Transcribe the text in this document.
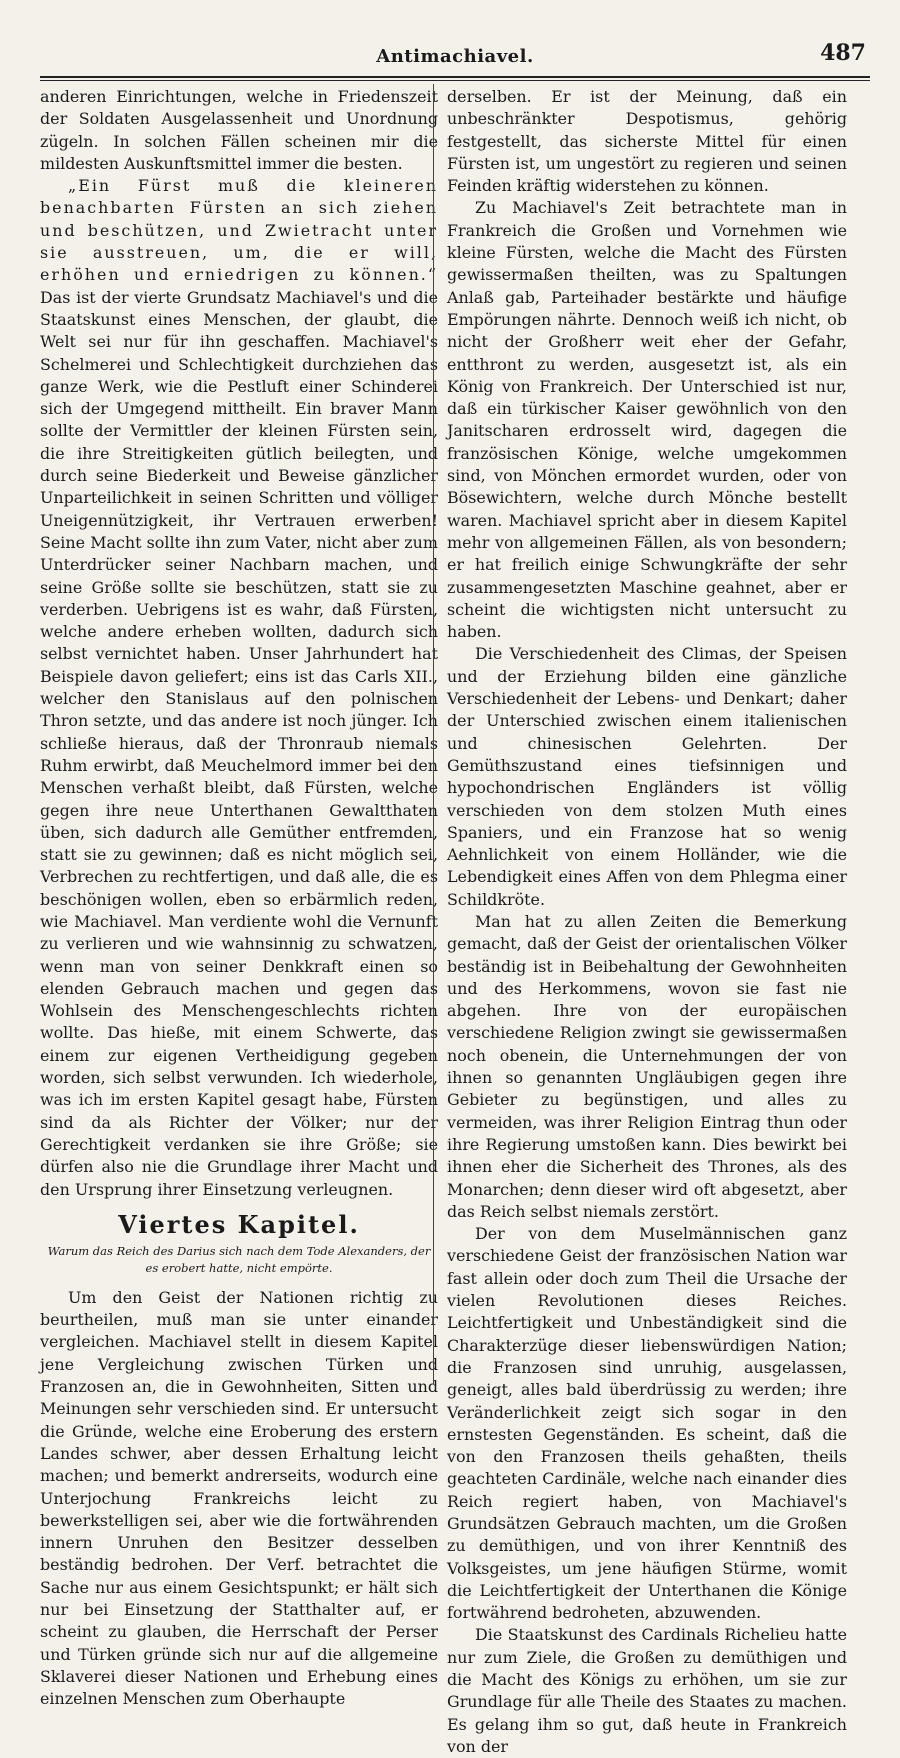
Antimachiavel.	487

anderen Einrichtungen, welche in Friedenszeit der Soldaten Ausgelassenheit und Unordnung zügeln. In solchen Fällen scheinen mir die mildesten Auskunftsmittel immer die besten.

„Ein Fürst muß die kleineren benachbarten Fürsten an sich ziehen und beschützen, und Zwietracht unter sie ausstreuen, um, die er will, erhöhen und erniedrigen zu können.“ Das ist der vierte Grundsatz Machiavel's und die Staatskunst eines Menschen, der glaubt, die Welt sei nur für ihn geschaffen. Machiavel's Schelmerei und Schlechtigkeit durchziehen das ganze Werk, wie die Pestluft einer Schinderei sich der Umgegend mittheilt. Ein braver Mann sollte der Vermittler der kleinen Fürsten sein, die ihre Streitigkeiten gütlich beilegten, und durch seine Biederkeit und Beweise gänzlicher Unparteilichkeit in seinen Schritten und völliger Uneigennützigkeit, ihr Vertrauen erwerben! Seine Macht sollte ihn zum Vater, nicht aber zum Unterdrücker seiner Nachbarn machen, und seine Größe sollte sie beschützen, statt sie zu verderben. Uebrigens ist es wahr, daß Fürsten, welche andere erheben wollten, dadurch sich selbst vernichtet haben. Unser Jahrhundert hat Beispiele davon geliefert; eins ist das Carls XII., welcher den Stanislaus auf den polnischen Thron setzte, und das andere ist noch jünger. Ich schließe hieraus, daß der Thronraub niemals Ruhm erwirbt, daß Meuchelmord immer bei den Menschen verhaßt bleibt, daß Fürsten, welche gegen ihre neue Unterthanen Gewaltthaten üben, sich dadurch alle Gemüther entfremden, statt sie zu gewinnen; daß es nicht möglich sei, Verbrechen zu rechtfertigen, und daß alle, die es beschönigen wollen, eben so erbärmlich reden, wie Machiavel. Man verdiente wohl die Vernunft zu verlieren und wie wahnsinnig zu schwatzen, wenn man von seiner Denkkraft einen so elenden Gebrauch machen und gegen das Wohlsein des Menschengeschlechts richten wollte. Das hieße, mit einem Schwerte, das einem zur eigenen Vertheidigung gegeben worden, sich selbst verwunden. Ich wiederhole, was ich im ersten Kapitel gesagt habe, Fürsten sind da als Richter der Völker; nur der Gerechtigkeit verdanken sie ihre Größe; sie dürfen also nie die Grundlage ihrer Macht und den Ursprung ihrer Einsetzung verleugnen.

Viertes Kapitel.
Warum das Reich des Darius sich nach dem Tode Alexanders, der es erobert hatte, nicht empörte.

Um den Geist der Nationen richtig zu beurtheilen, muß man sie unter einander vergleichen. Machiavel stellt in diesem Kapitel jene Vergleichung zwischen Türken und Franzosen an, die in Gewohnheiten, Sitten und Meinungen sehr verschieden sind. Er untersucht die Gründe, welche eine Eroberung des erstern Landes schwer, aber dessen Erhaltung leicht machen; und bemerkt andrerseits, wodurch eine Unterjochung Frankreichs leicht zu bewerkstelligen sei, aber wie die fortwährenden innern Unruhen den Besitzer desselben beständig bedrohen. Der Verf. betrachtet die Sache nur aus einem Gesichtspunkt; er hält sich nur bei Einsetzung der Statthalter auf, er scheint zu glauben, die Herrschaft der Perser und Türken gründe sich nur auf die allgemeine Sklaverei dieser Nationen und Erhebung eines einzelnen Menschen zum Oberhaupte

derselben. Er ist der Meinung, daß ein unbeschränkter Despotismus, gehörig festgestellt, das sicherste Mittel für einen Fürsten ist, um ungestört zu regieren und seinen Feinden kräftig widerstehen zu können.

Zu Machiavel's Zeit betrachtete man in Frankreich die Großen und Vornehmen wie kleine Fürsten, welche die Macht des Fürsten gewissermaßen theilten, was zu Spaltungen Anlaß gab, Parteihader bestärkte und häufige Empörungen nährte. Dennoch weiß ich nicht, ob nicht der Großherr weit eher der Gefahr, entthront zu werden, ausgesetzt ist, als ein König von Frankreich. Der Unterschied ist nur, daß ein türkischer Kaiser gewöhnlich von den Janitscharen erdrosselt wird, dagegen die französischen Könige, welche umgekommen sind, von Mönchen ermordet wurden, oder von Bösewichtern, welche durch Mönche bestellt waren. Machiavel spricht aber in diesem Kapitel mehr von allgemeinen Fällen, als von besondern; er hat freilich einige Schwungkräfte der sehr zusammengesetzten Maschine geahnet, aber er scheint die wichtigsten nicht untersucht zu haben.

Die Verschiedenheit des Climas, der Speisen und der Erziehung bilden eine gänzliche Verschiedenheit der Lebens- und Denkart; daher der Unterschied zwischen einem italienischen und chinesischen Gelehrten. Der Gemüthszustand eines tiefsinnigen und hypochondrischen Engländers ist völlig verschieden von dem stolzen Muth eines Spaniers, und ein Franzose hat so wenig Aehnlichkeit von einem Holländer, wie die Lebendigkeit eines Affen von dem Phlegma einer Schildkröte.

Man hat zu allen Zeiten die Bemerkung gemacht, daß der Geist der orientalischen Völker beständig ist in Beibehaltung der Gewohnheiten und des Herkommens, wovon sie fast nie abgehen. Ihre von der europäischen verschiedene Religion zwingt sie gewissermaßen noch obenein, die Unternehmungen der von ihnen so genannten Ungläubigen gegen ihre Gebieter zu begünstigen, und alles zu vermeiden, was ihrer Religion Eintrag thun oder ihre Regierung umstoßen kann. Dies bewirkt bei ihnen eher die Sicherheit des Thrones, als des Monarchen; denn dieser wird oft abgesetzt, aber das Reich selbst niemals zerstört.

Der von dem Muselmännischen ganz verschiedene Geist der französischen Nation war fast allein oder doch zum Theil die Ursache der vielen Revolutionen dieses Reiches. Leichtfertigkeit und Unbeständigkeit sind die Charakterzüge dieser liebenswürdigen Nation; die Franzosen sind unruhig, ausgelassen, geneigt, alles bald überdrüssig zu werden; ihre Veränderlichkeit zeigt sich sogar in den ernstesten Gegenständen. Es scheint, daß die von den Franzosen theils gehaßten, theils geachteten Cardinäle, welche nach einander dies Reich regiert haben, von Machiavel's Grundsätzen Gebrauch machten, um die Großen zu demüthigen, und von ihrer Kenntniß des Volksgeistes, um jene häufigen Stürme, womit die Leichtfertigkeit der Unterthanen die Könige fortwährend bedroheten, abzuwenden.

Die Staatskunst des Cardinals Richelieu hatte nur zum Ziele, die Großen zu demüthigen und die Macht des Königs zu erhöhen, um sie zur Grundlage für alle Theile des Staates zu machen. Es gelang ihm so gut, daß heute in Frankreich von der
